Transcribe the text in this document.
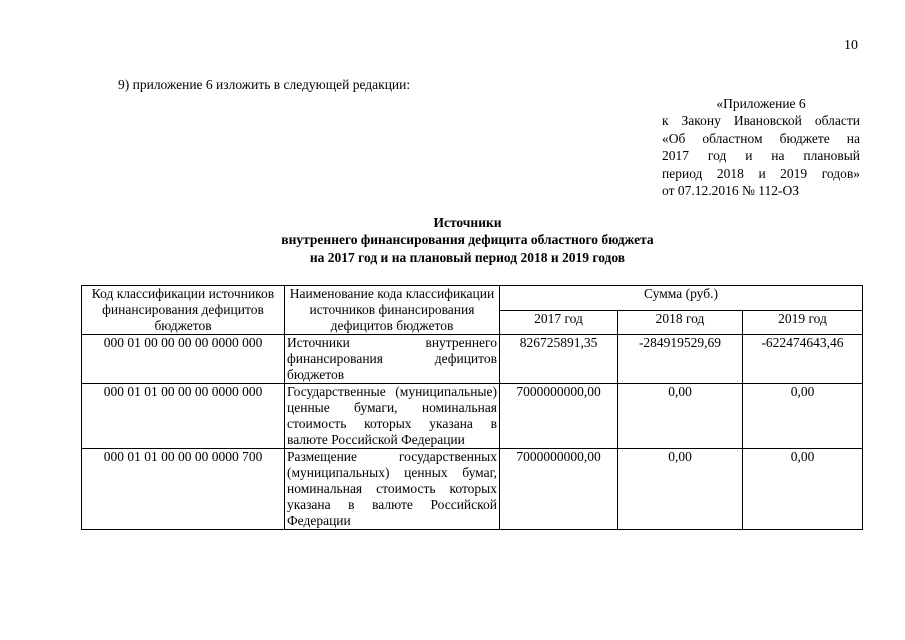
10
9) приложение 6 изложить в следующей редакции:
«Приложение 6
к Закону Ивановской области
«Об областном бюджете на
2017 год и на плановый
период 2018 и 2019 годов»
от 07.12.2016 № 112-ОЗ
Источники
внутреннего финансирования дефицита областного бюджета
на 2017 год и на плановый период 2018 и 2019 годов
Код классификации источников финансирования дефицитов бюджетов	Наименование кода классификации источников финансирования дефицитов бюджетов	Сумма (руб.)		
		2017 год	2018 год	2019 год
000 01 00 00 00 00 0000 000	Источники внутреннего финансирования дефицитов бюджетов	826725891,35	-284919529,69	-622474643,46
000 01 01 00 00 00 0000 000	Государственные (муниципальные) ценные бумаги, номинальная стоимость которых указана в валюте Российской Федерации	7000000000,00	0,00	0,00
000 01 01 00 00 00 0000 700	Размещение государственных (муниципальных) ценных бумаг, номинальная стоимость которых указана в валюте Российской Федерации	7000000000,00	0,00	0,00
